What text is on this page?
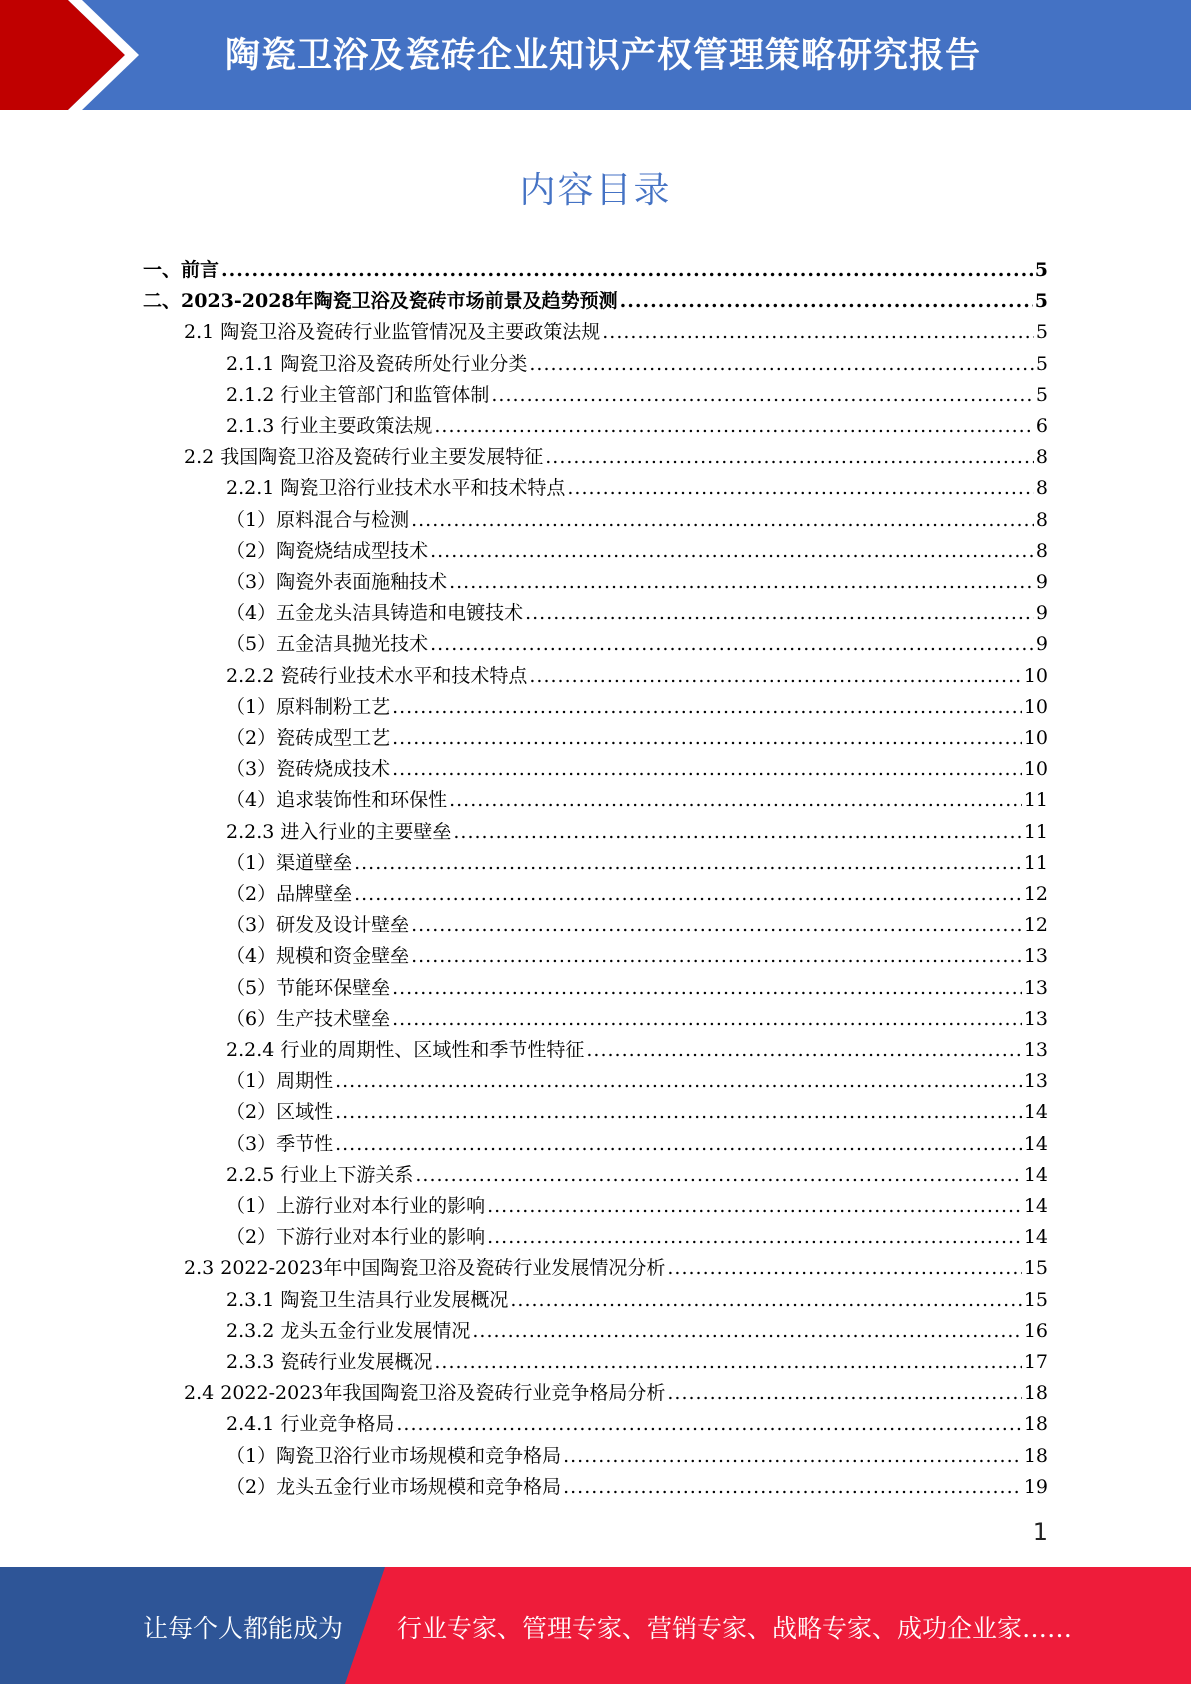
陶瓷卫浴及瓷砖企业知识产权管理策略研究报告
内容目录
一、前言 .....	5
二、2023-2028年陶瓷卫浴及瓷砖市场前景及趋势预测 .....	5
2.1 陶瓷卫浴及瓷砖行业监管情况及主要政策法规 .....	5
2.1.1 陶瓷卫浴及瓷砖所处行业分类 .....	5
2.1.2 行业主管部门和监管体制 .....	5
2.1.3 行业主要政策法规 .....	6
2.2 我国陶瓷卫浴及瓷砖行业主要发展特征 .....	8
2.2.1 陶瓷卫浴行业技术水平和技术特点 .....	8
（1）原料混合与检测 .....	8
（2）陶瓷烧结成型技术 .....	8
（3）陶瓷外表面施釉技术 .....	9
（4）五金龙头洁具铸造和电镀技术 .....	9
（5）五金洁具抛光技术 .....	9
2.2.2 瓷砖行业技术水平和技术特点 .....	10
（1）原料制粉工艺 .....	10
（2）瓷砖成型工艺 .....	10
（3）瓷砖烧成技术 .....	10
（4）追求装饰性和环保性 .....	11
2.2.3 进入行业的主要壁垒 .....	11
（1）渠道壁垒 .....	11
（2）品牌壁垒 .....	12
（3）研发及设计壁垒 .....	12
（4）规模和资金壁垒 .....	13
（5）节能环保壁垒 .....	13
（6）生产技术壁垒 .....	13
2.2.4 行业的周期性、区域性和季节性特征 .....	13
（1）周期性 .....	13
（2）区域性 .....	14
（3）季节性 .....	14
2.2.5 行业上下游关系 .....	14
（1）上游行业对本行业的影响 .....	14
（2）下游行业对本行业的影响 .....	14
2.3 2022-2023年中国陶瓷卫浴及瓷砖行业发展情况分析 .....	15
2.3.1 陶瓷卫生洁具行业发展概况 .....	15
2.3.2 龙头五金行业发展情况 .....	16
2.3.3 瓷砖行业发展概况 .....	17
2.4 2022-2023年我国陶瓷卫浴及瓷砖行业竞争格局分析 .....	18
2.4.1 行业竞争格局 .....	18
（1）陶瓷卫浴行业市场规模和竞争格局 .....	18
（2）龙头五金行业市场规模和竞争格局 .....	19
1
让每个人都能成为 行业专家、管理专家、营销专家、战略专家、成功企业家……
